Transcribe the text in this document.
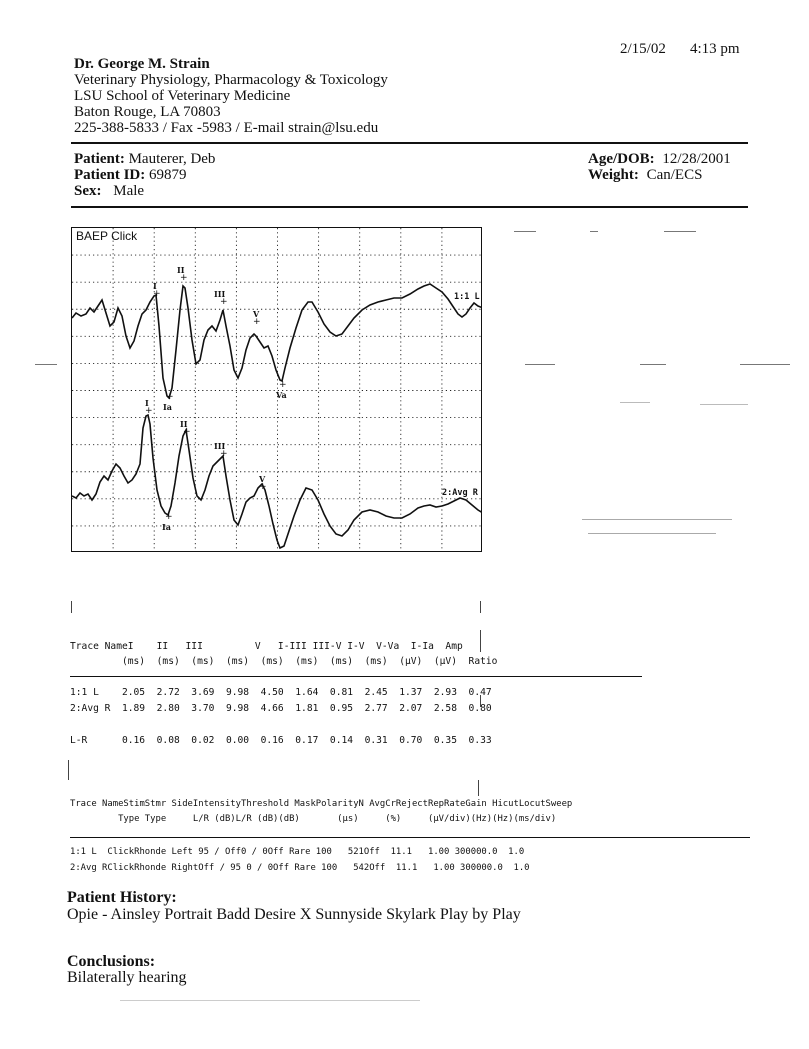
2/15/02 4:13 pm
Dr. George M. Strain
Veterinary Physiology, Pharmacology & Toxicology
LSU School of Veterinary Medicine
Baton Rouge, LA 70803
225-388-5833 / Fax -5983 / E-mail strain@lsu.edu
Patient: Mauterer, Deb
Patient ID: 69879
Sex: Male
Age/DOB: 12/28/2001
Weight: Can/ECS
BAEP Click
1:1 L
2:Avg R
I
+
II
+
III
+
V
+
Ia
+	Va
+
I
+
II
+
III
+
V
+
Ia
+
Trace NameI    II   III         V   I-III III-V I-V  V-Va  I-Ia  Amp
(ms)  (ms)  (ms)  (ms)  (ms)  (ms)  (ms)  (ms)  (µV)  (µV)  Ratio
1:1 L    2.05  2.72  3.69  9.98  4.50  1.64  0.81  2.45  1.37  2.93  0.47
2:Avg R  1.89  2.80  3.70  9.98  4.66  1.81  0.95  2.77  2.07  2.58  0.80
L-R      0.16  0.08  0.02  0.00  0.16  0.17  0.14  0.31  0.70  0.35  0.33
Trace NameStimStmr SideIntensityThreshold MaskPolarityN AvgCrRejectRepRateGain HicutLocutSweep
Type Type     L/R (dB)L/R (dB)(dB)       (µs)     (%)     (µV/div)(Hz)(Hz)(ms/div)
1:1 L  ClickRhonde Left 95 / Off0 / 0Off Rare 100   521Off  11.1   1.00 300000.0  1.0
2:Avg RClickRhonde RightOff / 95 0 / 0Off Rare 100   542Off  11.1   1.00 300000.0  1.0
Patient History:
Opie - Ainsley Portrait Badd Desire X Sunnyside Skylark Play by Play
Conclusions:
Bilaterally hearing
